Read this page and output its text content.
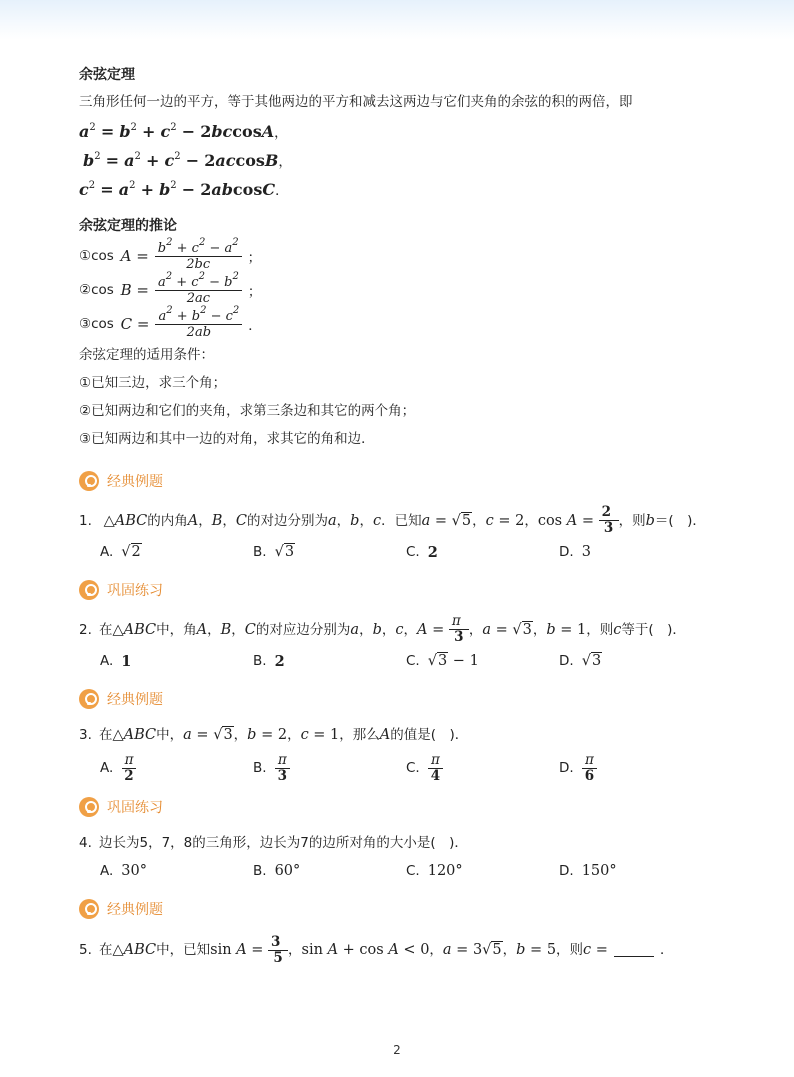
余弦定理
三角形任何一边的平方，等于其他两边的平方和减去这两边与它们夹角的余弦的积的两倍，即
$a^2 = b^2 + c^2 - 2bccosA$，
$b^2 = a^2 + c^2 - 2accosB$，
$c^2 = a^2 + b^2 - 2abcosC$．
余弦定理的推论
①cos $A = \frac{b^2 + c^2 - a^2}{2bc}$ ；
②cos $B = \frac{a^2 + c^2 - b^2}{2ac}$ ；
③cos $C = \frac{a^2 + b^2 - c^2}{2ab}$ ．
余弦定理的适用条件：
①已知三边，求三个角；
②已知两边和它们的夹角，求第三条边和其它的两个角；
③已知两边和其中一边的对角，求其它的角和边．
经典例题
1. △ ABC 的内角 A ， B ， C 的对边分别为 a ， b ， c ．已知 a = √5 ， c = 2 ， $\cos A = \frac{2}{3}$ ，则 b ＝(　)．
A. √2	B. √3	C. 2	D. 3
巩固练习
2. 在 △ ABC 中，角 A ， B ， C 的对应边分别为 a ， b ， c ， $A = \frac{\pi}{3}$ ， a = √3 ， b = 1 ，则 c 等于(　)．
A. 1	B. 2	C. √3 − 1	D. √3
经典例题
3. 在 △ ABC 中， a = √3 ， b = 2 ， c = 1 ，那么 A 的值是(　)．
A. $\frac{\pi}{2}$	B. $\frac{\pi}{3}$	C. $\frac{\pi}{4}$	D. $\frac{\pi}{6}$
巩固练习
4. 边长为5，7，8的三角形，边长为7的边所对角的大小是(　)．
A. 30°	B. 60°	C. 120°	D. 150°
经典例题
5. 在 △ ABC 中，已知 $\sin A = \frac{3}{5}$ ， sin A + cos A < 0 ， a = 3 √5 ， b = 5 ，则 c =	．
2
